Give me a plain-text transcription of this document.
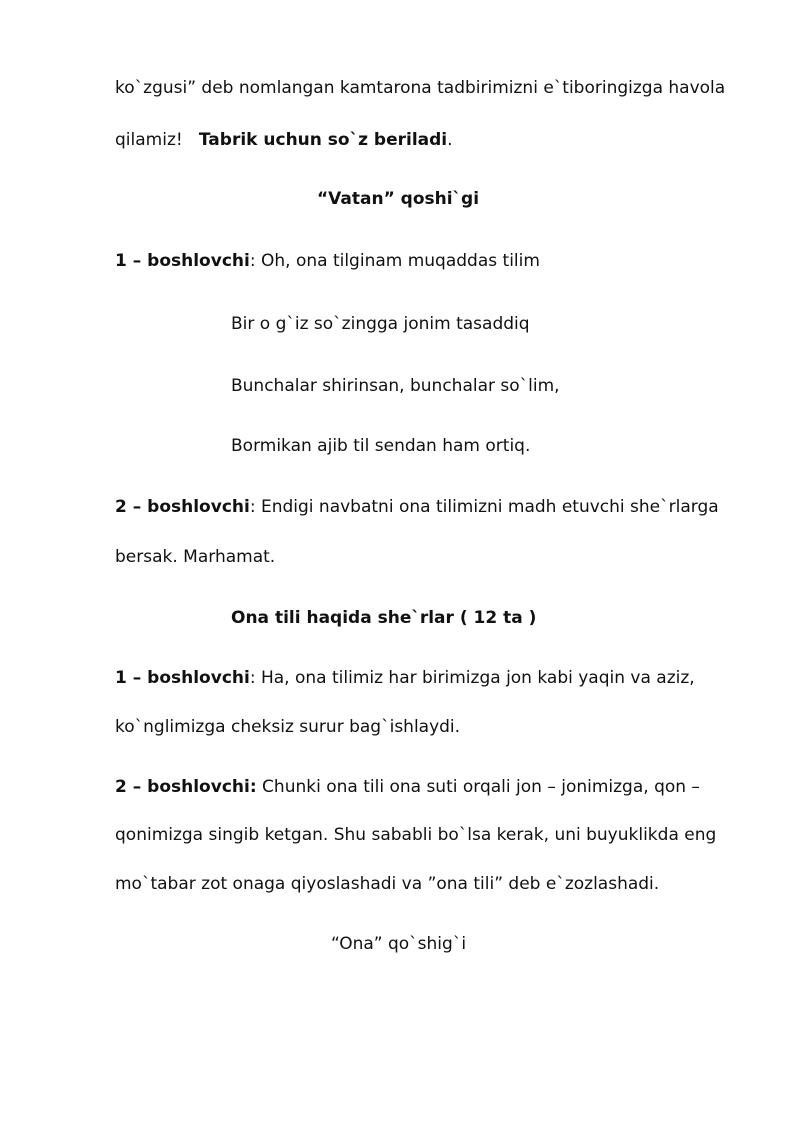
ko`zgusi” deb nomlangan kamtarona tadbirimizni e`tiboringizga havola
qilamiz! Tabrik uchun so`z beriladi.
“Vatan” qoshi`gi
1 – boshlovchi: Oh, ona tilginam muqaddas tilim
Bir o g`iz so`zingga jonim tasaddiq
Bunchalar shirinsan, bunchalar so`lim,
Bormikan ajib til sendan ham ortiq.
2 – boshlovchi: Endigi navbatni ona tilimizni madh etuvchi she`rlarga
bersak. Marhamat.
Ona tili haqida she`rlar ( 12 ta )
1 – boshlovchi: Ha, ona tilimiz har birimizga jon kabi yaqin va aziz,
ko`nglimizga cheksiz surur bag`ishlaydi.
2 – boshlovchi: Chunki ona tili ona suti orqali jon – jonimizga, qon –
qonimizga singib ketgan. Shu sababli bo`lsa kerak, uni buyuklikda eng
mo`tabar zot onaga qiyoslashadi va ”ona tili” deb e`zozlashadi.
“Ona” qo`shig`i
